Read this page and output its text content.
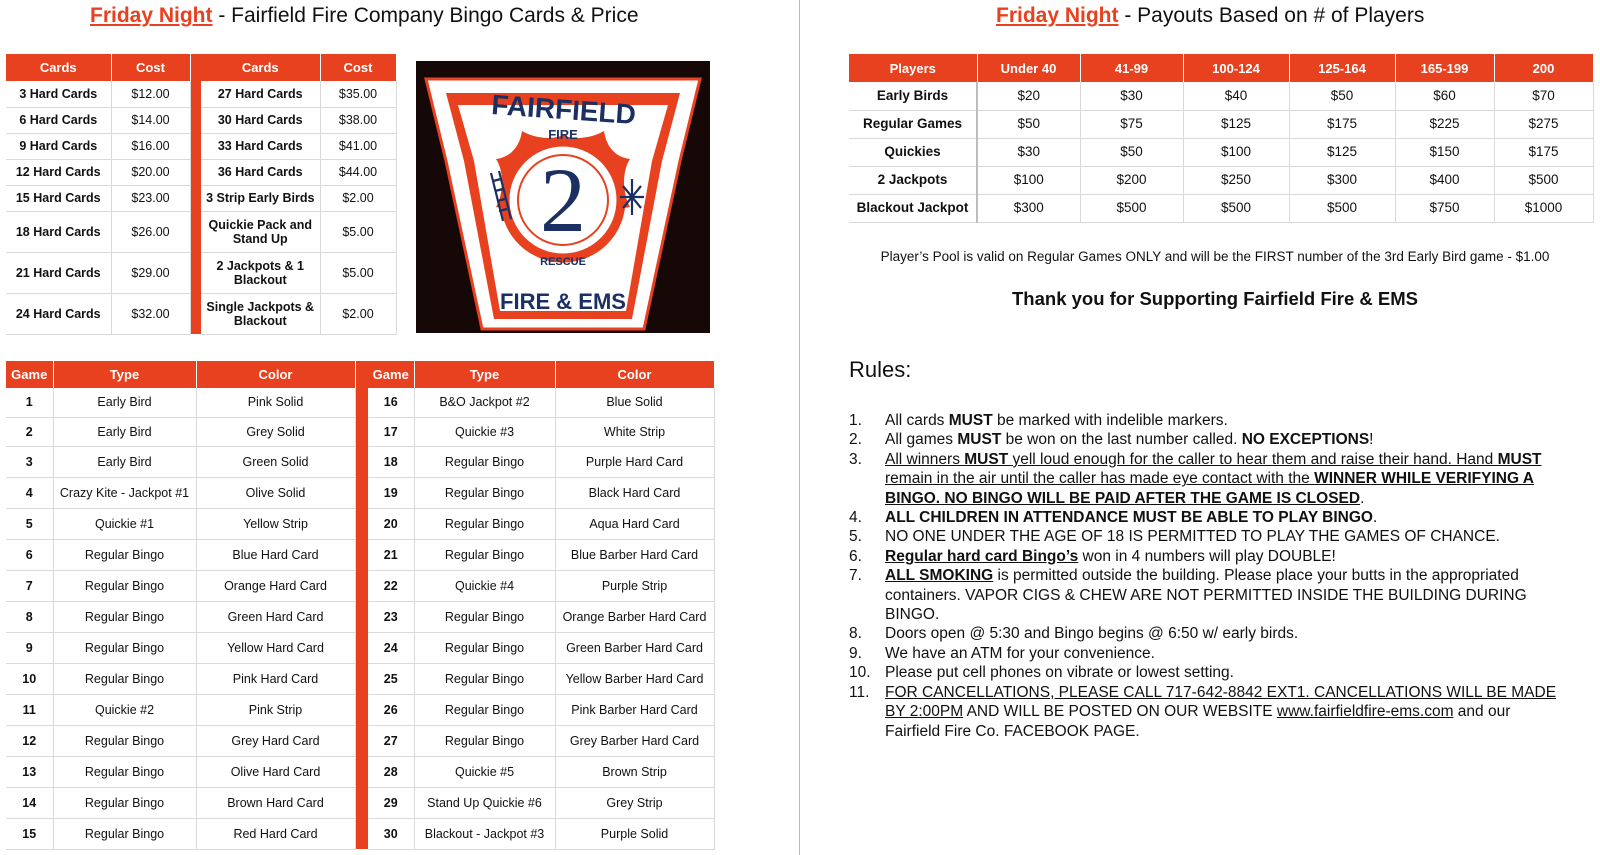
Friday Night - Fairfield Fire Company Bingo Cards & Price	Friday Night - Payouts Based on # of Players
Cards	Cost		Cards	Cost
3 Hard Cards	$12.00		27 Hard Cards	$35.00
6 Hard Cards	$14.00		30 Hard Cards	$38.00
9 Hard Cards	$16.00		33 Hard Cards	$41.00
12 Hard Cards	$20.00		36 Hard Cards	$44.00
15 Hard Cards	$23.00		3 Strip Early Birds	$2.00
18 Hard Cards	$26.00		Quickie Pack and Stand Up	$5.00
21 Hard Cards	$29.00		2 Jackpots & 1 Blackout	$5.00
24 Hard Cards	$32.00		Single Jackpots & Blackout	$2.00
FAIRFIELD
FIRE
2
RESCUE
FIRE & EMS
Game	Type	Color		Game	Type	Color
1	Early Bird	Pink Solid		16	B&O Jackpot #2	Blue Solid
2	Early Bird	Grey Solid		17	Quickie #3	White Strip
3	Early Bird	Green Solid		18	Regular Bingo	Purple Hard Card
4	Crazy Kite - Jackpot #1	Olive Solid		19	Regular Bingo	Black Hard Card
5	Quickie #1	Yellow Strip		20	Regular Bingo	Aqua Hard Card
6	Regular Bingo	Blue Hard Card		21	Regular Bingo	Blue Barber Hard Card
7	Regular Bingo	Orange Hard Card		22	Quickie #4	Purple Strip
8	Regular Bingo	Green Hard Card		23	Regular Bingo	Orange Barber Hard Card
9	Regular Bingo	Yellow Hard Card		24	Regular Bingo	Green Barber Hard Card
10	Regular Bingo	Pink Hard Card		25	Regular Bingo	Yellow Barber Hard Card
11	Quickie #2	Pink Strip		26	Regular Bingo	Pink Barber Hard Card
12	Regular Bingo	Grey Hard Card		27	Regular Bingo	Grey Barber Hard Card
13	Regular Bingo	Olive Hard Card		28	Quickie #5	Brown Strip
14	Regular Bingo	Brown Hard Card		29	Stand Up Quickie #6	Grey Strip
15	Regular Bingo	Red Hard Card		30	Blackout - Jackpot #3	Purple Solid
Players	Under 40	41-99	100-124	125-164	165-199	200
Early Birds	$20	$30	$40	$50	$60	$70
Regular Games	$50	$75	$125	$175	$225	$275
Quickies	$30	$50	$100	$125	$150	$175
2 Jackpots	$100	$200	$250	$300	$400	$500
Blackout Jackpot	$300	$500	$500	$500	$750	$1000
Player’s Pool is valid on Regular Games ONLY and will be the FIRST number of the 3rd Early Bird game - $1.00
Thank you for Supporting Fairfield Fire & EMS
Rules:
1. All cards MUST be marked with indelible markers.
2. All games MUST be won on the last number called. NO EXCEPTIONS!
3. All winners MUST yell loud enough for the caller to hear them and raise their hand. Hand MUST remain in the air until the caller has made eye contact with the WINNER WHILE VERIFYING A BINGO. NO BINGO WILL BE PAID AFTER THE GAME IS CLOSED.
4. ALL CHILDREN IN ATTENDANCE MUST BE ABLE TO PLAY BINGO.
5. NO ONE UNDER THE AGE OF 18 IS PERMITTED TO PLAY THE GAMES OF CHANCE.
6. Regular hard card Bingo’s won in 4 numbers will play DOUBLE!
7. ALL SMOKING is permitted outside the building. Please place your butts in the appropriated containers. VAPOR CIGS & CHEW ARE NOT PERMITTED INSIDE THE BUILDING DURING BINGO.
8. Doors open @ 5:30 and Bingo begins @ 6:50 w/ early birds.
9. We have an ATM for your convenience.
10. Please put cell phones on vibrate or lowest setting.
11. FOR CANCELLATIONS, PLEASE CALL 717-642-8842 EXT1. CANCELLATIONS WILL BE MADE BY 2:00PM AND WILL BE POSTED ON OUR WEBSITE www.fairfieldfire-ems.com and our Fairfield Fire Co. FACEBOOK PAGE.
